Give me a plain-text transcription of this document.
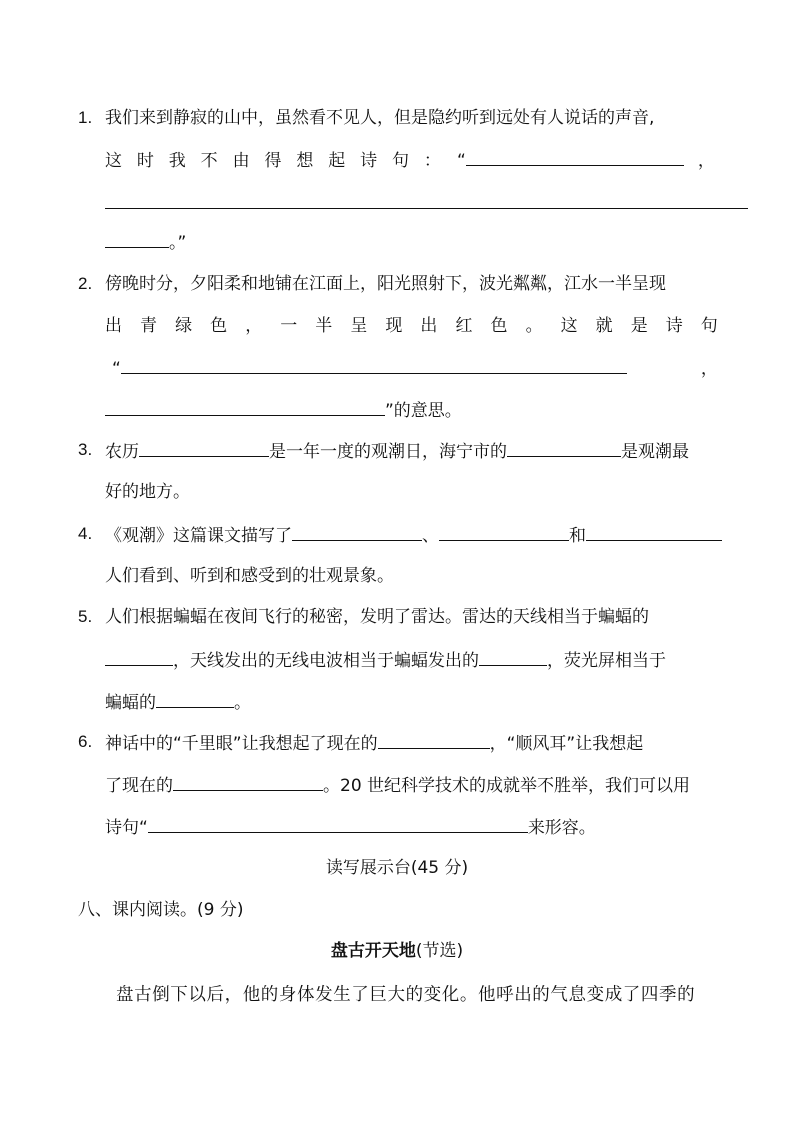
1. 我们来到静寂的山中，虽然看不见人，但是隐约听到远处有人说话的声音,
这 时 我 不 由 得 想 起 诗 句 ： “	，
。”
2. 傍晚时分，夕阳柔和地铺在江面上，阳光照射下，波光粼粼，江水一半呈现
出 青 绿 色 ， 一 半 呈 现 出 红 色 。 这 就 是 诗 句
“	，
”的意思。
3. 农历	是一年一度的观潮日，海宁市的	是观潮最
好的地方。
4. 《观潮》这篇课文描写了	、	和
人们看到、听到和感受到的壮观景象。
5. 人们根据蝙蝠在夜间飞行的秘密，发明了雷达。雷达的天线相当于蝙蝠的
，天线发出的无线电波相当于蝙蝠发出的	，荧光屏相当于
蝙蝠的	。
6. 神话中的“千里眼”让我想起了现在的	，“顺风耳”让我想起
了现在的	。20 世纪科学技术的成就举不胜举，我们可以用
诗句“	来形容。
读写展示台(45 分)
八、课内阅读。(9 分)
盘古开天地(节选)
盘古倒下以后，他的身体发生了巨大的变化。他呼出的气息变成了四季的
